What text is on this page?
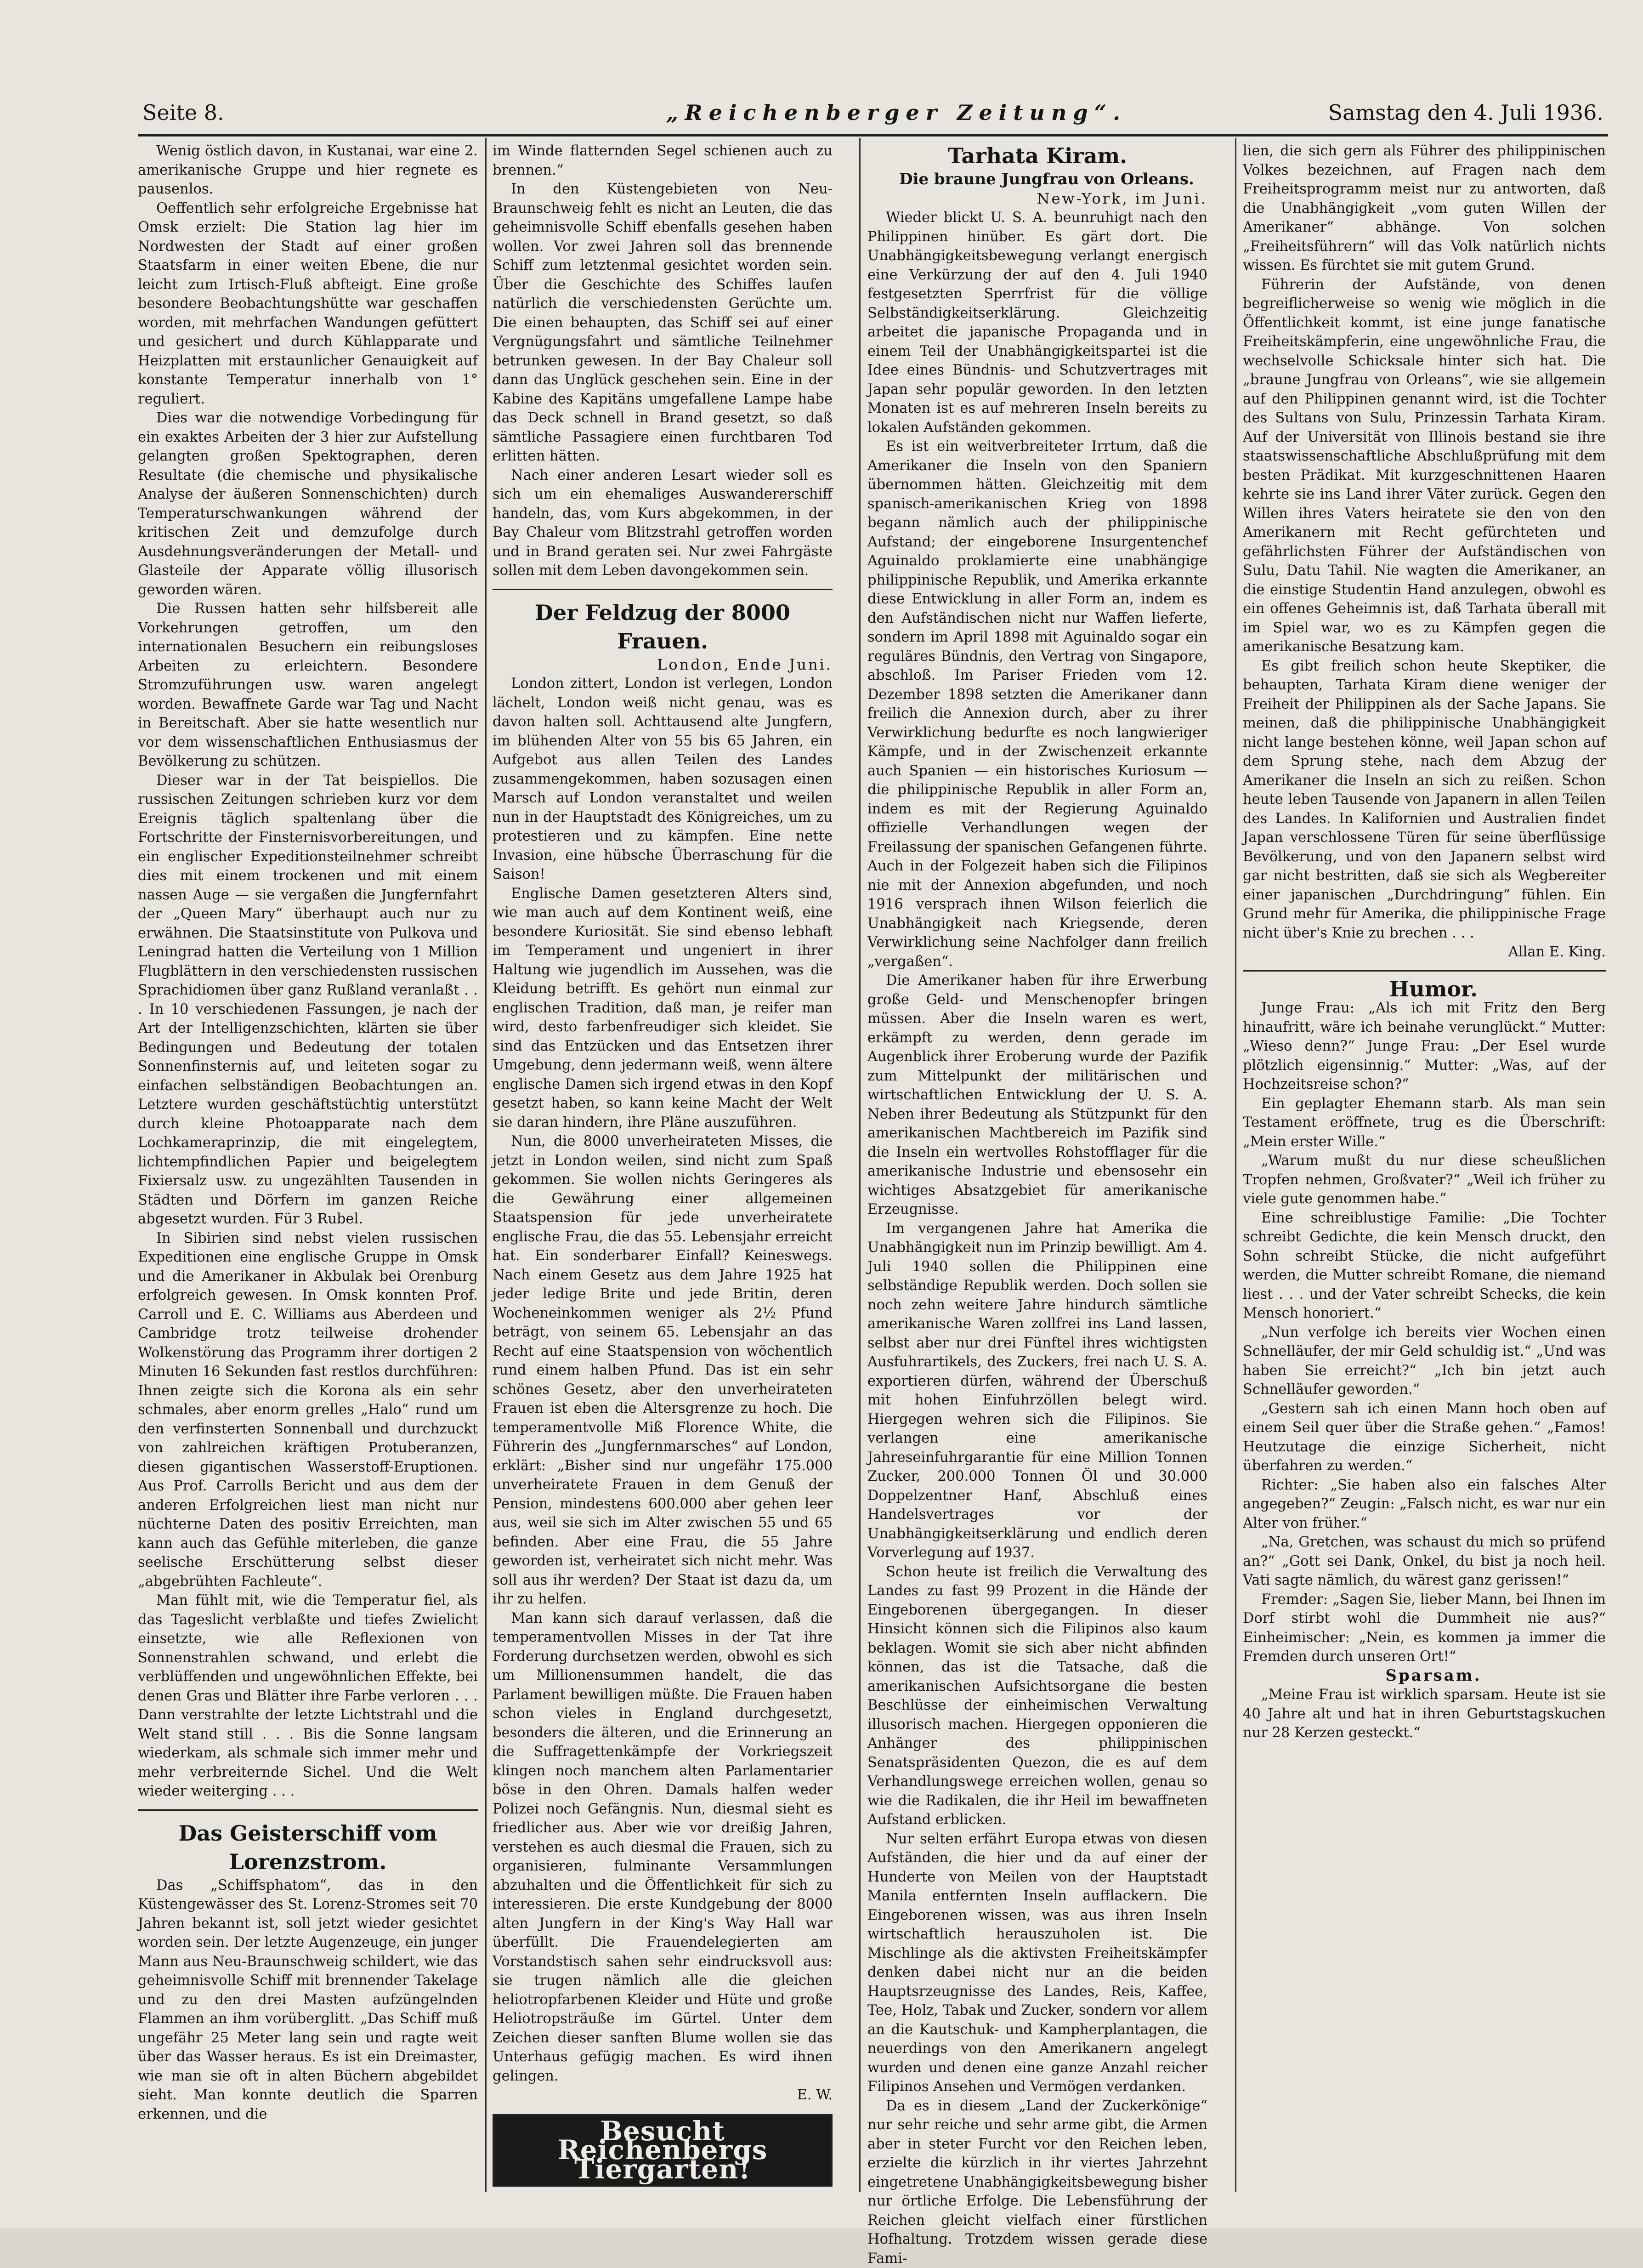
Seite 8.	„Reichenberger Zeitung“.	Samstag den 4. Juli 1936.

Wenig östlich davon, in Kustanai, war eine 2. amerikanische Gruppe und hier regnete es pausenlos.

Oeffentlich sehr erfolgreiche Ergebnisse hat Omsk erzielt: Die Station lag hier im Nordwesten der Stadt auf einer großen Staatsfarm in einer weiten Ebene, die nur leicht zum Irtisch-Fluß abfteigt. Eine große besondere Beobachtungshütte war geschaffen worden, mit mehrfachen Wandungen gefüttert und gesichert und durch Kühlapparate und Heizplatten mit erstaunlicher Genauigkeit auf konstante Temperatur innerhalb von 1° reguliert.

Dies war die notwendige Vorbedingung für ein exaktes Arbeiten der 3 hier zur Aufstellung gelangten großen Spektographen, deren Resultate (die chemische und physikalische Analyse der äußeren Sonnenschichten) durch Temperaturschwankungen während der kritischen Zeit und demzufolge durch Ausdehnungsveränderungen der Metall- und Glasteile der Apparate völlig illusorisch geworden wären.

Die Russen hatten sehr hilfsbereit alle Vorkehrungen getroffen, um den internationalen Besuchern ein reibungsloses Arbeiten zu erleichtern. Besondere Stromzuführungen usw. waren angelegt worden. Bewaffnete Garde war Tag und Nacht in Bereitschaft. Aber sie hatte wesentlich nur vor dem wissenschaftlichen Enthusiasmus der Bevölkerung zu schützen.

Dieser war in der Tat beispiellos. Die russischen Zeitungen schrieben kurz vor dem Ereignis täglich spaltenlang über die Fortschritte der Finsternisvorbereitungen, und ein englischer Expeditionsteilnehmer schreibt dies mit einem trockenen und mit einem nassen Auge — sie vergaßen die Jungfernfahrt der „Queen Mary“ überhaupt auch nur zu erwähnen. Die Staatsinstitute von Pulkova und Leningrad hatten die Verteilung von 1 Million Flugblättern in den verschiedensten russischen Sprachidiomen über ganz Rußland veranlaßt . . . In 10 verschiedenen Fassungen, je nach der Art der Intelligenzschichten, klärten sie über Bedingungen und Bedeutung der totalen Sonnenfinsternis auf, und leiteten sogar zu einfachen selbständigen Beobachtungen an. Letztere wurden geschäftstüchtig unterstützt durch kleine Photoapparate nach dem Lochkameraprinzip, die mit eingelegtem, lichtempfindlichen Papier und beigelegtem Fixiersalz usw. zu ungezählten Tausenden in Städten und Dörfern im ganzen Reiche abgesetzt wurden. Für 3 Rubel.

In Sibirien sind nebst vielen russischen Expeditionen eine englische Gruppe in Omsk und die Amerikaner in Akbulak bei Orenburg erfolgreich gewesen. In Omsk konnten Prof. Carroll und E. C. Williams aus Aberdeen und Cambridge trotz teilweise drohender Wolkenstörung das Programm ihrer dortigen 2 Minuten 16 Sekunden fast restlos durchführen: Ihnen zeigte sich die Korona als ein sehr schmales, aber enorm grelles „Halo“ rund um den verfinsterten Sonnenball und durchzuckt von zahlreichen kräftigen Protuberanzen, diesen gigantischen Wasserstoff-Eruptionen. Aus Prof. Carrolls Bericht und aus dem der anderen Erfolgreichen liest man nicht nur nüchterne Daten des positiv Erreichten, man kann auch das Gefühle miterleben, die ganze seelische Erschütterung selbst dieser „abgebrühten Fachleute“.

Man fühlt mit, wie die Temperatur fiel, als das Tageslicht verblaßte und tiefes Zwielicht einsetzte, wie alle Reflexionen von Sonnenstrahlen schwand, und erlebt die verblüffenden und ungewöhnlichen Effekte, bei denen Gras und Blätter ihre Farbe verloren . . . Dann verstrahlte der letzte Lichtstrahl und die Welt stand still . . . Bis die Sonne langsam wiederkam, als schmale sich immer mehr und mehr verbreiternde Sichel. Und die Welt wieder weiterging . . .

Das Geisterschiff vom Lorenzstrom.

Das „Schiffsphatom“, das in den Küstengewässer des St. Lorenz-Stromes seit 70 Jahren bekannt ist, soll jetzt wieder gesichtet worden sein. Der letzte Augenzeuge, ein junger Mann aus Neu-Braunschweig schildert, wie das geheimnisvolle Schiff mit brennender Takelage und zu den drei Masten aufzüngelnden Flammen an ihm vorüberglitt. „Das Schiff muß ungefähr 25 Meter lang sein und ragte weit über das Wasser heraus. Es ist ein Dreimaster, wie man sie oft in alten Büchern abgebildet sieht. Man konnte deutlich die Sparren erkennen, und die

im Winde flatternden Segel schienen auch zu brennen.“

In den Küstengebieten von Neu-Braunschweig fehlt es nicht an Leuten, die das geheimnisvolle Schiff ebenfalls gesehen haben wollen. Vor zwei Jahren soll das brennende Schiff zum letztenmal gesichtet worden sein. Über die Geschichte des Schiffes laufen natürlich die verschiedensten Gerüchte um. Die einen behaupten, das Schiff sei auf einer Vergnügungsfahrt und sämtliche Teilnehmer betrunken gewesen. In der Bay Chaleur soll dann das Unglück geschehen sein. Eine in der Kabine des Kapitäns umgefallene Lampe habe das Deck schnell in Brand gesetzt, so daß sämtliche Passagiere einen furchtbaren Tod erlitten hätten.

Nach einer anderen Lesart wieder soll es sich um ein ehemaliges Auswandererschiff handeln, das, vom Kurs abgekommen, in der Bay Chaleur vom Blitzstrahl getroffen worden und in Brand geraten sei. Nur zwei Fahrgäste sollen mit dem Leben davongekommen sein.

Der Feldzug der 8000 Frauen.

London, Ende Juni.

London zittert, London ist verlegen, London lächelt, London weiß nicht genau, was es davon halten soll. Achttausend alte Jungfern, im blühenden Alter von 55 bis 65 Jahren, ein Aufgebot aus allen Teilen des Landes zusammengekommen, haben sozusagen einen Marsch auf London veranstaltet und weilen nun in der Hauptstadt des Königreiches, um zu protestieren und zu kämpfen. Eine nette Invasion, eine hübsche Überraschung für die Saison!

Englische Damen gesetzteren Alters sind, wie man auch auf dem Kontinent weiß, eine besondere Kuriosität. Sie sind ebenso lebhaft im Temperament und ungeniert in ihrer Haltung wie jugendlich im Aussehen, was die Kleidung betrifft. Es gehört nun einmal zur englischen Tradition, daß man, je reifer man wird, desto farbenfreudiger sich kleidet. Sie sind das Entzücken und das Entsetzen ihrer Umgebung, denn jedermann weiß, wenn ältere englische Damen sich irgend etwas in den Kopf gesetzt haben, so kann keine Macht der Welt sie daran hindern, ihre Pläne auszuführen.

Nun, die 8000 unverheirateten Misses, die jetzt in London weilen, sind nicht zum Spaß gekommen. Sie wollen nichts Geringeres als die Gewährung einer allgemeinen Staatspension für jede unverheiratete englische Frau, die das 55. Lebensjahr erreicht hat. Ein sonderbarer Einfall? Keineswegs. Nach einem Gesetz aus dem Jahre 1925 hat jeder ledige Brite und jede Britin, deren Wocheneinkommen weniger als 2½ Pfund beträgt, von seinem 65. Lebensjahr an das Recht auf eine Staatspension von wöchentlich rund einem halben Pfund. Das ist ein sehr schönes Gesetz, aber den unverheirateten Frauen ist eben die Altersgrenze zu hoch. Die temperamentvolle Miß Florence White, die Führerin des „Jungfernmarsches“ auf London, erklärt: „Bisher sind nur ungefähr 175.000 unverheiratete Frauen in dem Genuß der Pension, mindestens 600.000 aber gehen leer aus, weil sie sich im Alter zwischen 55 und 65 befinden. Aber eine Frau, die 55 Jahre geworden ist, verheiratet sich nicht mehr. Was soll aus ihr werden? Der Staat ist dazu da, um ihr zu helfen.

Man kann sich darauf verlassen, daß die temperamentvollen Misses in der Tat ihre Forderung durchsetzen werden, obwohl es sich um Millionensummen handelt, die das Parlament bewilligen müßte. Die Frauen haben schon vieles in England durchgesetzt, besonders die älteren, und die Erinnerung an die Suffragettenkämpfe der Vorkriegszeit klingen noch manchem alten Parlamentarier böse in den Ohren. Damals halfen weder Polizei noch Gefängnis. Nun, diesmal sieht es friedlicher aus. Aber wie vor dreißig Jahren, verstehen es auch diesmal die Frauen, sich zu organisieren, fulminante Versammlungen abzuhalten und die Öffentlichkeit für sich zu interessieren. Die erste Kundgebung der 8000 alten Jungfern in der King's Way Hall war überfüllt. Die Frauendelegierten am Vorstandstisch sahen sehr eindrucksvoll aus: sie trugen nämlich alle die gleichen heliotropfarbenen Kleider und Hüte und große Heliotropsträuße im Gürtel. Unter dem Zeichen dieser sanften Blume wollen sie das Unterhaus gefügig machen. Es wird ihnen gelingen.

E. W.

Besucht Reichenbergs Tiergarten!

Tarhata Kiram.

Die braune Jungfrau von Orleans.

New-York, im Juni.

Wieder blickt U. S. A. beunruhigt nach den Philippinen hinüber. Es gärt dort. Die Unabhängigkeitsbewegung verlangt energisch eine Verkürzung der auf den 4. Juli 1940 festgesetzten Sperrfrist für die völlige Selbständigkeitserklärung. Gleichzeitig arbeitet die japanische Propaganda und in einem Teil der Unabhängigkeitspartei ist die Idee eines Bündnis- und Schutzvertrages mit Japan sehr populär geworden. In den letzten Monaten ist es auf mehreren Inseln bereits zu lokalen Aufständen gekommen.

Es ist ein weitverbreiteter Irrtum, daß die Amerikaner die Inseln von den Spaniern übernommen hätten. Gleichzeitig mit dem spanisch-amerikanischen Krieg von 1898 begann nämlich auch der philippinische Aufstand; der eingeborene Insurgentenchef Aguinaldo proklamierte eine unabhängige philippinische Republik, und Amerika erkannte diese Entwicklung in aller Form an, indem es den Aufständischen nicht nur Waffen lieferte, sondern im April 1898 mit Aguinaldo sogar ein reguläres Bündnis, den Vertrag von Singapore, abschloß. Im Pariser Frieden vom 12. Dezember 1898 setzten die Amerikaner dann freilich die Annexion durch, aber zu ihrer Verwirklichung bedurfte es noch langwieriger Kämpfe, und in der Zwischenzeit erkannte auch Spanien — ein historisches Kuriosum — die philippinische Republik in aller Form an, indem es mit der Regierung Aguinaldo offizielle Verhandlungen wegen der Freilassung der spanischen Gefangenen führte. Auch in der Folgezeit haben sich die Filipinos nie mit der Annexion abgefunden, und noch 1916 versprach ihnen Wilson feierlich die Unabhängigkeit nach Kriegsende, deren Verwirklichung seine Nachfolger dann freilich „vergaßen“.

Die Amerikaner haben für ihre Erwerbung große Geld- und Menschenopfer bringen müssen. Aber die Inseln waren es wert, erkämpft zu werden, denn gerade im Augenblick ihrer Eroberung wurde der Pazifik zum Mittelpunkt der militärischen und wirtschaftlichen Entwicklung der U. S. A. Neben ihrer Bedeutung als Stützpunkt für den amerikanischen Machtbereich im Pazifik sind die Inseln ein wertvolles Rohstofflager für die amerikanische Industrie und ebensosehr ein wichtiges Absatzgebiet für amerikanische Erzeugnisse.

Im vergangenen Jahre hat Amerika die Unabhängigkeit nun im Prinzip bewilligt. Am 4. Juli 1940 sollen die Philippinen eine selbständige Republik werden. Doch sollen sie noch zehn weitere Jahre hindurch sämtliche amerikanische Waren zollfrei ins Land lassen, selbst aber nur drei Fünftel ihres wichtigsten Ausfuhrartikels, des Zuckers, frei nach U. S. A. exportieren dürfen, während der Überschuß mit hohen Einfuhrzöllen belegt wird. Hiergegen wehren sich die Filipinos. Sie verlangen eine amerikanische Jahreseinfuhrgarantie für eine Million Tonnen Zucker, 200.000 Tonnen Öl und 30.000 Doppelzentner Hanf, Abschluß eines Handelsvertrages vor der Unabhängigkeitserklärung und endlich deren Vorverlegung auf 1937.

Schon heute ist freilich die Verwaltung des Landes zu fast 99 Prozent in die Hände der Eingeborenen übergegangen. In dieser Hinsicht können sich die Filipinos also kaum beklagen. Womit sie sich aber nicht abfinden können, das ist die Tatsache, daß die amerikanischen Aufsichtsorgane die besten Beschlüsse der einheimischen Verwaltung illusorisch machen. Hiergegen opponieren die Anhänger des philippinischen Senatspräsidenten Quezon, die es auf dem Verhandlungswege erreichen wollen, genau so wie die Radikalen, die ihr Heil im bewaffneten Aufstand erblicken.

Nur selten erfährt Europa etwas von diesen Aufständen, die hier und da auf einer der Hunderte von Meilen von der Hauptstadt Manila entfernten Inseln aufflackern. Die Eingeborenen wissen, was aus ihren Inseln wirtschaftlich herauszuholen ist. Die Mischlinge als die aktivsten Freiheitskämpfer denken dabei nicht nur an die beiden Hauptsrzeugnisse des Landes, Reis, Kaffee, Tee, Holz, Tabak und Zucker, sondern vor allem an die Kautschuk- und Kampherplantagen, die neuerdings von den Amerikanern angelegt wurden und denen eine ganze Anzahl reicher Filipinos Ansehen und Vermögen verdanken.

Da es in diesem „Land der Zuckerkönige“ nur sehr reiche und sehr arme gibt, die Armen aber in steter Furcht vor den Reichen leben, erzielte die kürzlich in ihr viertes Jahrzehnt eingetretene Unabhängigkeitsbewegung bisher nur örtliche Erfolge. Die Lebensführung der Reichen gleicht vielfach einer fürstlichen Hofhaltung. Trotzdem wissen gerade diese Fami-

lien, die sich gern als Führer des philippinischen Volkes bezeichnen, auf Fragen nach dem Freiheitsprogramm meist nur zu antworten, daß die Unabhängigkeit „vom guten Willen der Amerikaner“ abhänge. Von solchen „Freiheitsführern“ will das Volk natürlich nichts wissen. Es fürchtet sie mit gutem Grund.

Führerin der Aufstände, von denen begreiflicherweise so wenig wie möglich in die Öffentlichkeit kommt, ist eine junge fanatische Freiheitskämpferin, eine ungewöhnliche Frau, die wechselvolle Schicksale hinter sich hat. Die „braune Jungfrau von Orleans“, wie sie allgemein auf den Philippinen genannt wird, ist die Tochter des Sultans von Sulu, Prinzessin Tarhata Kiram. Auf der Universität von Illinois bestand sie ihre staatswissenschaftliche Abschlußprüfung mit dem besten Prädikat. Mit kurzgeschnittenen Haaren kehrte sie ins Land ihrer Väter zurück. Gegen den Willen ihres Vaters heiratete sie den von den Amerikanern mit Recht gefürchteten und gefährlichsten Führer der Aufständischen von Sulu, Datu Tahil. Nie wagten die Amerikaner, an die einstige Studentin Hand anzulegen, obwohl es ein offenes Geheimnis ist, daß Tarhata überall mit im Spiel war, wo es zu Kämpfen gegen die amerikanische Besatzung kam.

Es gibt freilich schon heute Skeptiker, die behaupten, Tarhata Kiram diene weniger der Freiheit der Philippinen als der Sache Japans. Sie meinen, daß die philippinische Unabhängigkeit nicht lange bestehen könne, weil Japan schon auf dem Sprung stehe, nach dem Abzug der Amerikaner die Inseln an sich zu reißen. Schon heute leben Tausende von Japanern in allen Teilen des Landes. In Kalifornien und Australien findet Japan verschlossene Türen für seine überflüssige Bevölkerung, und von den Japanern selbst wird gar nicht bestritten, daß sie sich als Wegbereiter einer japanischen „Durchdringung“ fühlen. Ein Grund mehr für Amerika, die philippinische Frage nicht über's Knie zu brechen . . .

Allan E. King.

Humor.

Junge Frau: „Als ich mit Fritz den Berg hinaufritt, wäre ich beinahe verunglückt.“ Mutter: „Wieso denn?“ Junge Frau: „Der Esel wurde plötzlich eigensinnig.“ Mutter: „Was, auf der Hochzeitsreise schon?“

Ein geplagter Ehemann starb. Als man sein Testament eröffnete, trug es die Überschrift: „Mein erster Wille.“

„Warum mußt du nur diese scheußlichen Tropfen nehmen, Großvater?“ „Weil ich früher zu viele gute genommen habe.“

Eine schreiblustige Familie: „Die Tochter schreibt Gedichte, die kein Mensch druckt, den Sohn schreibt Stücke, die nicht aufgeführt werden, die Mutter schreibt Romane, die niemand liest . . . und der Vater schreibt Schecks, die kein Mensch honoriert.“

„Nun verfolge ich bereits vier Wochen einen Schnelläufer, der mir Geld schuldig ist.“ „Und was haben Sie erreicht?“ „Ich bin jetzt auch Schnelläufer geworden.“

„Gestern sah ich einen Mann hoch oben auf einem Seil quer über die Straße gehen.“ „Famos! Heutzutage die einzige Sicherheit, nicht überfahren zu werden.“

Richter: „Sie haben also ein falsches Alter angegeben?“ Zeugin: „Falsch nicht, es war nur ein Alter von früher.“

„Na, Gretchen, was schaust du mich so prüfend an?“ „Gott sei Dank, Onkel, du bist ja noch heil. Vati sagte nämlich, du wärest ganz gerissen!“

Fremder: „Sagen Sie, lieber Mann, bei Ihnen im Dorf stirbt wohl die Dummheit nie aus?“ Einheimischer: „Nein, es kommen ja immer die Fremden durch unseren Ort!“

Sparsam.

„Meine Frau ist wirklich sparsam. Heute ist sie 40 Jahre alt und hat in ihren Geburtstagskuchen nur 28 Kerzen gesteckt.“
